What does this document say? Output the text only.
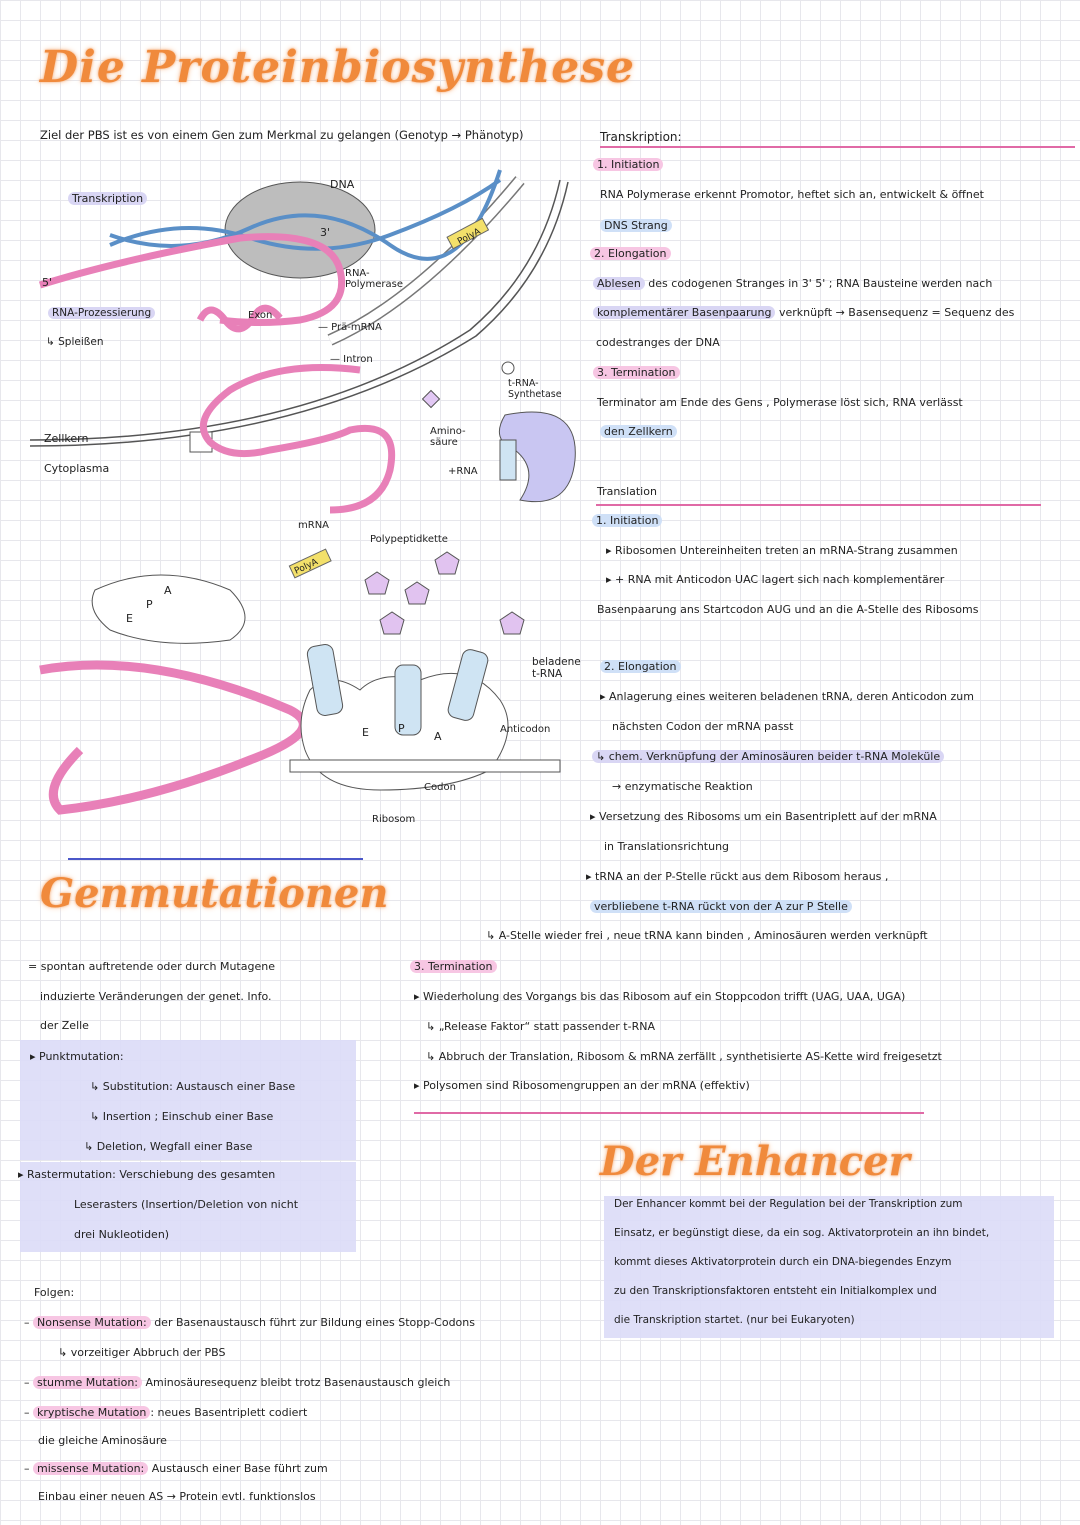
Die Proteinbiosynthese
Ziel der PBS ist es von einem Gen zum Merkmal zu gelangen (Genotyp → Phänotyp)
DNA
Transkription
5'
3'
RNA-
Polymerase
PolyA
RNA-Prozessierung
↳ Spleißen
Exon
— Prä-mRNA
— Intron
t-RNA-
Synthetase
Zellkern
Cytoplasma
Amino-
säure
+RNA
mRNA
PolyA
Polypeptidkette
E
P
A
E	P
A
beladene
t-RNA
Anticodon
Codon
Ribosom
Transkription:
1. Initiation
RNA Polymerase erkennt Promotor, heftet sich an, entwickelt & öffnet
DNS Strang
2. Elongation
Ablesen des codogenen Stranges in 3' 5' ; RNA Bausteine werden nach
komplementärer Basenpaarung verknüpft → Basensequenz = Sequenz des
codestranges der DNA
3. Termination
Terminator am Ende des Gens , Polymerase löst sich, RNA verlässt
den Zellkern
Translation
1. Initiation
▸ Ribosomen Untereinheiten treten an mRNA-Strang zusammen
▸ + RNA mit Anticodon UAC lagert sich nach komplementärer
Basenpaarung ans Startcodon AUG und an die A-Stelle des Ribosoms
2. Elongation
▸ Anlagerung eines weiteren beladenen tRNA, deren Anticodon zum
nächsten Codon der mRNA passt
↳ chem. Verknüpfung der Aminosäuren beider t-RNA Moleküle
→ enzymatische Reaktion
▸ Versetzung des Ribosoms um ein Basentriplett auf der mRNA
in Translationsrichtung
▸ tRNA an der P-Stelle rückt aus dem Ribosom heraus ,
verbliebene t-RNA rückt von der A zur P Stelle
↳ A-Stelle wieder frei , neue tRNA kann binden , Aminosäuren werden verknüpft
3. Termination
▸ Wiederholung des Vorgangs bis das Ribosom auf ein Stoppcodon trifft (UAG, UAA, UGA)
↳ „Release Faktor“ statt passender t-RNA
↳ Abbruch der Translation, Ribosom & mRNA zerfällt , synthetisierte AS-Kette wird freigesetzt
▸ Polysomen sind Ribosomengruppen an der mRNA (effektiv)
Genmutationen
= spontan auftretende oder durch Mutagene
induzierte Veränderungen der genet. Info.
der Zelle
▸ Punktmutation:
↳ Substitution: Austausch einer Base
↳ Insertion ; Einschub einer Base
↳ Deletion, Wegfall einer Base
▸ Rastermutation: Verschiebung des gesamten
Leserasters (Insertion/Deletion von nicht
drei Nukleotiden)
Folgen:
– Nonsense Mutation: der Basenaustausch führt zur Bildung eines Stopp-Codons
↳ vorzeitiger Abbruch der PBS
– stumme Mutation: Aminosäuresequenz bleibt trotz Basenaustausch gleich
– kryptische Mutation : neues Basentriplett codiert
die gleiche Aminosäure
– missense Mutation: Austausch einer Base führt zum
Einbau einer neuen AS → Protein evtl. funktionslos
Der Enhancer
Der Enhancer kommt bei der Regulation bei der Transkription zum
Einsatz, er begünstigt diese, da ein sog. Aktivatorprotein an ihn bindet,
kommt dieses Aktivatorprotein durch ein DNA-biegendes Enzym
zu den Transkriptionsfaktoren entsteht ein Initialkomplex und
die Transkription startet. (nur bei Eukaryoten)
